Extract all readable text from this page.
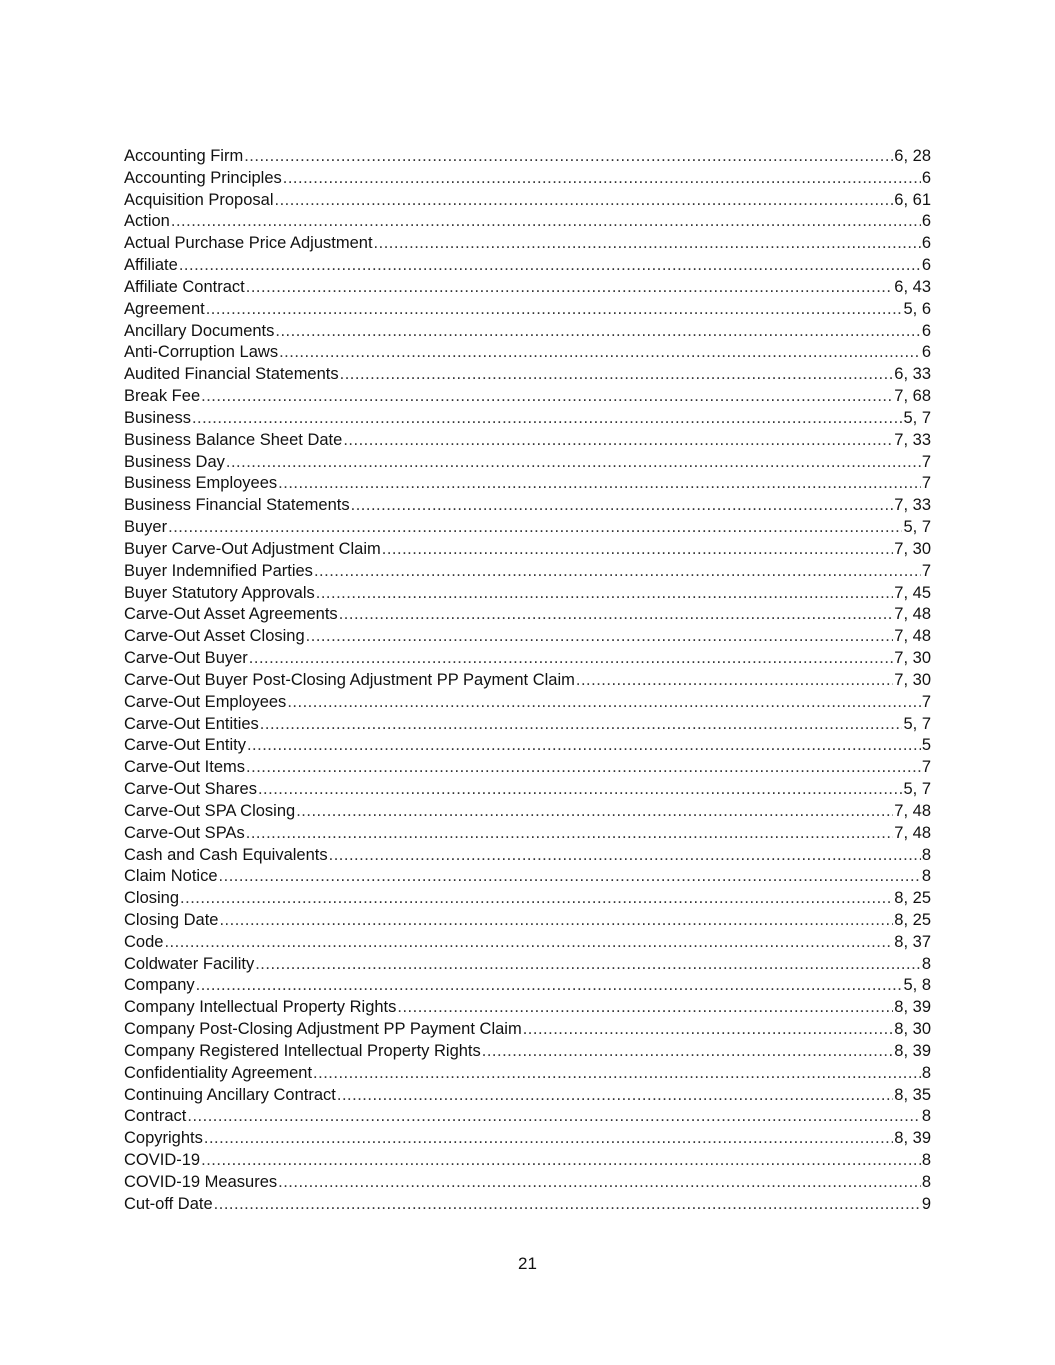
Accounting Firm .....	6, 28
Accounting Principles .....	6
Acquisition Proposal .....	6, 61
Action .....	6
Actual Purchase Price Adjustment .....	6
Affiliate .....	6
Affiliate Contract .....	6, 43
Agreement .....	5, 6
Ancillary Documents .....	6
Anti-Corruption Laws .....	6
Audited Financial Statements .....	6, 33
Break Fee .....	7, 68
Business .....	5, 7
Business Balance Sheet Date .....	7, 33
Business Day .....	7
Business Employees .....	7
Business Financial Statements .....	7, 33
Buyer .....	5, 7
Buyer Carve-Out Adjustment Claim .....	7, 30
Buyer Indemnified Parties .....	7
Buyer Statutory Approvals .....	7, 45
Carve-Out Asset Agreements .....	7, 48
Carve-Out Asset Closing .....	7, 48
Carve-Out Buyer .....	7, 30
Carve-Out Buyer Post-Closing Adjustment PP Payment Claim .....	7, 30
Carve-Out Employees .....	7
Carve-Out Entities .....	5, 7
Carve-Out Entity .....	5
Carve-Out Items .....	7
Carve-Out Shares .....	5, 7
Carve-Out SPA Closing .....	7, 48
Carve-Out SPAs .....	7, 48
Cash and Cash Equivalents .....	8
Claim Notice .....	8
Closing .....	8, 25
Closing Date .....	8, 25
Code .....	8, 37
Coldwater Facility .....	8
Company .....	5, 8
Company Intellectual Property Rights .....	8, 39
Company Post-Closing Adjustment PP Payment Claim .....	8, 30
Company Registered Intellectual Property Rights .....	8, 39
Confidentiality Agreement .....	8
Continuing Ancillary Contract .....	8, 35
Contract .....	8
Copyrights .....	8, 39
COVID-19 .....	8
COVID-19 Measures .....	8
Cut-off Date .....	9
21
